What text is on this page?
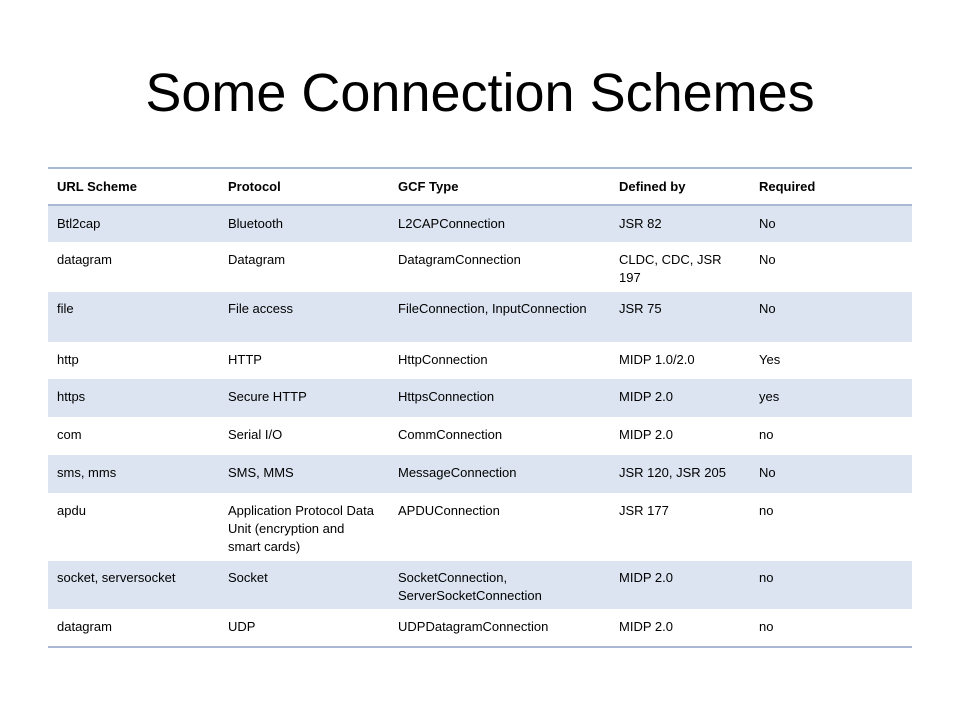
Some Connection Schemes
URL Scheme	Protocol	GCF Type	Defined by	Required
Btl2cap	Bluetooth	L2CAPConnection	JSR 82	No
datagram	Datagram	DatagramConnection	CLDC, CDC, JSR 197	No
file	File access	FileConnection, InputConnection	JSR 75	No
http	HTTP	HttpConnection	MIDP 1.0/2.0	Yes
https	Secure HTTP	HttpsConnection	MIDP 2.0	yes
com	Serial I/O	CommConnection	MIDP 2.0	no
sms, mms	SMS, MMS	MessageConnection	JSR 120, JSR 205	No
apdu	Application Protocol Data Unit (encryption and smart cards)	APDUConnection	JSR 177	no
socket, serversocket	Socket	SocketConnection, ServerSocketConnection	MIDP 2.0	no
datagram	UDP	UDPDatagramConnection	MIDP 2.0	no
